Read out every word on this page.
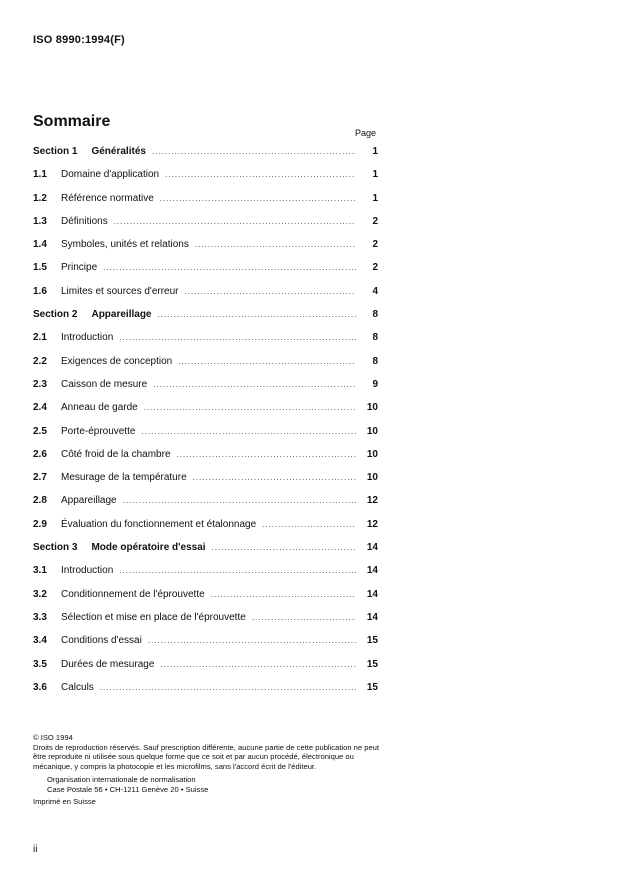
ISO 8990:1994(F)
Sommaire
Page
Section 1	Généralités .....	1
1.1	Domaine d'application .....	1
1.2	Référence normative .....	1
1.3	Définitions .....	2
1.4	Symboles, unités et relations .....	2
1.5	Principe .....	2
1.6	Limites et sources d'erreur .....	4
Section 2	Appareillage .....	8
2.1	Introduction .....	8
2.2	Exigences de conception .....	8
2.3	Caisson de mesure .....	9
2.4	Anneau de garde .....	10
2.5	Porte-éprouvette .....	10
2.6	Côté froid de la chambre .....	10
2.7	Mesurage de la température .....	10
2.8	Appareillage .....	12
2.9	Évaluation du fonctionnement et étalonnage .....	12
Section 3	Mode opératoire d'essai .....	14
3.1	Introduction .....	14
3.2	Conditionnement de l'éprouvette .....	14
3.3	Sélection et mise en place de l'éprouvette .....	14
3.4	Conditions d'essai .....	15
3.5	Durées de mesurage .....	15
3.6	Calculs .....	15
© ISO 1994
Droits de reproduction réservés. Sauf prescription différente, aucune partie de cette publication ne peut être reproduite ni utilisée sous quelque forme que ce soit et par aucun procédé, électronique ou mécanique, y compris la photocopie et les microfilms, sans l'accord écrit de l'éditeur.
Organisation internationale de normalisation
Case Postale 56 • CH-1211 Genève 20 • Suisse
Imprimé en Suisse
ii
